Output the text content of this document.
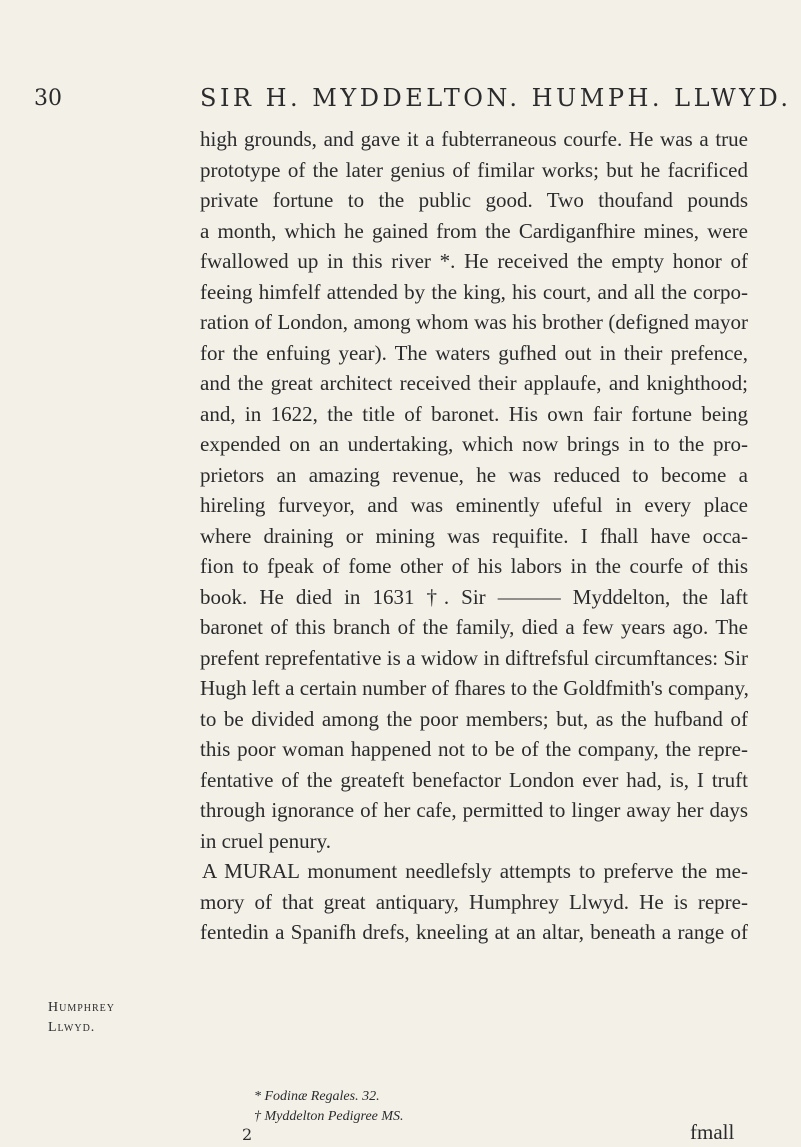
30	SIR H. MYDDELTON. HUMPH. LLWYD.
high grounds, and gave it a fubterraneous courfe. He was a true
prototype of the later genius of fimilar works; but he facrificed
private fortune to the public good. Two thoufand pounds
a month, which he gained from the Cardiganfhire mines, were
fwallowed up in this river *. He received the empty honor of
feeing himfelf attended by the king, his court, and all the corpo-
ration of London, among whom was his brother (defigned mayor
for the enfuing year). The waters gufhed out in their prefence,
and the great architect received their applaufe, and knighthood;
and, in 1622, the title of baronet. His own fair fortune being
expended on an undertaking, which now brings in to the pro-
prietors an amazing revenue, he was reduced to become a
hireling furveyor, and was eminently ufeful in every place
where draining or mining was requifite. I fhall have occa-
fion to fpeak of fome other of his labors in the courfe of this
book. He died in 1631 †. Sir ——— Myddelton, the laft
baronet of this branch of the family, died a few years ago. The
prefent reprefentative is a widow in diftrefsful circumftances: Sir
Hugh left a certain number of fhares to the Goldfmith's company,
to be divided among the poor members; but, as the hufband of
this poor woman happened not to be of the company, the repre-
fentative of the greateft benefactor London ever had, is, I truft
through ignorance of her cafe, permitted to linger away her days
in cruel penury.
A MURAL monument needlefsly attempts to preferve the me-
mory of that great antiquary, Humphrey Llwyd. He is repre-
fentedin a Spanifh drefs, kneeling at an altar, beneath a range of
Humphrey
Llwyd.
* Fodinæ Regales. 32.
† Myddelton Pedigree MS.
2	fmall
